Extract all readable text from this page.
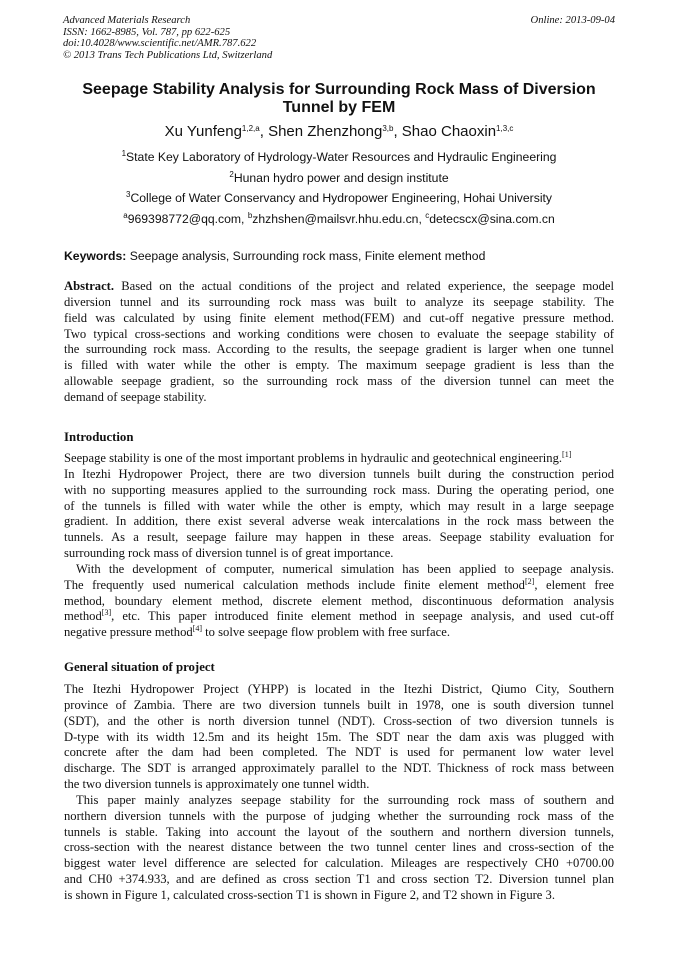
Advanced Materials Research
ISSN: 1662-8985, Vol. 787, pp 622-625
doi:10.4028/www.scientific.net/AMR.787.622
© 2013 Trans Tech Publications Ltd, Switzerland
Online: 2013-09-04
Seepage Stability Analysis for Surrounding Rock Mass of Diversion
Tunnel by FEM
Xu Yunfeng$^{1,2,a}$, Shen Zhenzhong$^{3,b}$, Shao Chaoxin$^{1,3,c}$
$^1$State Key Laboratory of Hydrology-Water Resources and Hydraulic Engineering
$^2$Hunan hydro power and design institute
$^3$College of Water Conservancy and Hydropower Engineering, Hohai University
$^a$969398772@qq.com, $^b$zhzhshen@mailsvr.hhu.edu.cn, $^c$detecscx@sina.com.cn
Keywords: Seepage analysis, Surrounding rock mass, Finite element method
Abstract. Based on the actual conditions of the project and related experience, the seepage model
diversion tunnel and its surrounding rock mass was built to analyze its seepage stability. The
field was calculated by using finite element method(FEM) and cut-off negative pressure method.
Two typical cross-sections and working conditions were chosen to evaluate the seepage stability of
the surrounding rock mass. According to the results, the seepage gradient is larger when one tunnel
is filled with water while the other is empty. The maximum seepage gradient is less than the
allowable seepage gradient, so the surrounding rock mass of the diversion tunnel can meet the
demand of seepage stability.
Introduction
Seepage stability is one of the most important problems in hydraulic and geotechnical engineering.[1]
In Itezhi Hydropower Project, there are two diversion tunnels built during the construction period
with no supporting measures applied to the surrounding rock mass. During the operating period, one
of the tunnels is filled with water while the other is empty, which may result in a large seepage
gradient. In addition, there exist several adverse weak intercalations in the rock mass between the
tunnels. As a result, seepage failure may happen in these areas. Seepage stability evaluation for
surrounding rock mass of diversion tunnel is of great importance.
With the development of computer, numerical simulation has been applied to seepage analysis.
The frequently used numerical calculation methods include finite element method[2], element free
method, boundary element method, discrete element method, discontinuous deformation analysis
method[3], etc. This paper introduced finite element method in seepage analysis, and used cut-off
negative pressure method[4] to solve seepage flow problem with free surface.
General situation of project
The Itezhi Hydropower Project (YHPP) is located in the Itezhi District, Qiumo City, Southern
province of Zambia. There are two diversion tunnels built in 1978, one is south diversion tunnel
(SDT), and the other is north diversion tunnel (NDT). Cross-section of two diversion tunnels is
D-type with its width 12.5m and its height 15m. The SDT near the dam axis was plugged with
concrete after the dam had been completed. The NDT is used for permanent low water level
discharge. The SDT is arranged approximately parallel to the NDT. Thickness of rock mass between
the two diversion tunnels is approximately one tunnel width.
This paper mainly analyzes seepage stability for the surrounding rock mass of southern and
northern diversion tunnels with the purpose of judging whether the surrounding rock mass of the
tunnels is stable. Taking into account the layout of the southern and northern diversion tunnels,
cross-section with the nearest distance between the two tunnel center lines and cross-section of the
biggest water level difference are selected for calculation. Mileages are respectively CH0 +0700.00
and CH0 +374.933, and are defined as cross section T1 and cross section T2. Diversion tunnel plan
is shown in Figure 1, calculated cross-section T1 is shown in Figure 2, and T2 shown in Figure 3.
